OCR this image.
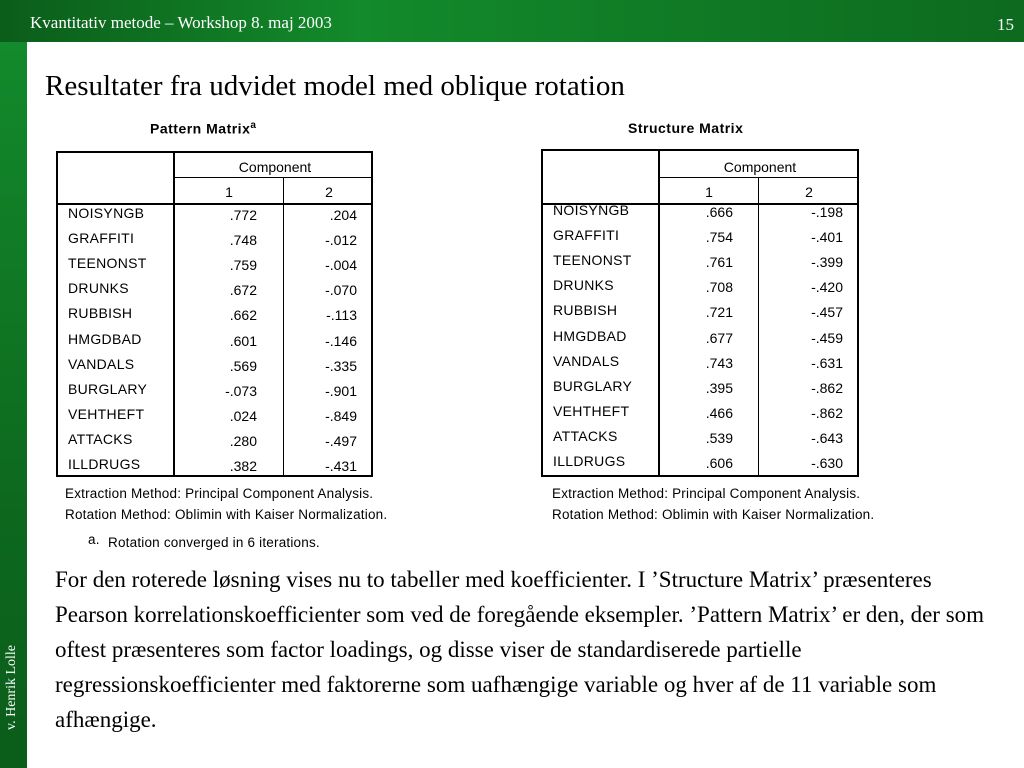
Kvantitativ metode – Workshop 8. maj 2003	15
v. Henrik Lolle
Resultater fra udvidet model med oblique rotation
Pattern Matrix$^a$
Component
1	2
NOISYNGB	.772	.204
GRAFFITI	.748	-.012
TEENONST	.759	-.004
DRUNKS	.672	-.070
RUBBISH	.662	-.113
HMGDBAD	.601	-.146
VANDALS	.569	-.335
BURGLARY	-.073	-.901
VEHTHEFT	.024	-.849
ATTACKS	.280	-.497
ILLDRUGS	.382	-.431
Extraction Method: Principal Component Analysis.
Rotation Method: Oblimin with Kaiser Normalization.
a. Rotation converged in 6 iterations.
Structure Matrix
Component
1	2
NOISYNGB	.666	-.198
GRAFFITI	.754	-.401
TEENONST	.761	-.399
DRUNKS	.708	-.420
RUBBISH	.721	-.457
HMGDBAD	.677	-.459
VANDALS	.743	-.631
BURGLARY	.395	-.862
VEHTHEFT	.466	-.862
ATTACKS	.539	-.643
ILLDRUGS	.606	-.630
Extraction Method: Principal Component Analysis.
Rotation Method: Oblimin with Kaiser Normalization.
For den roterede løsning vises nu to tabeller med koefficienter. I ’Structure Matrix’ præsenteres Pearson korrelationskoefficienter som ved de foregående eksempler. ’Pattern Matrix’ er den, der som oftest præsenteres som factor loadings, og disse viser de standardiserede partielle regressionskoefficienter med faktorerne som uafhængige variable og hver af de 11 variable som afhængige.
